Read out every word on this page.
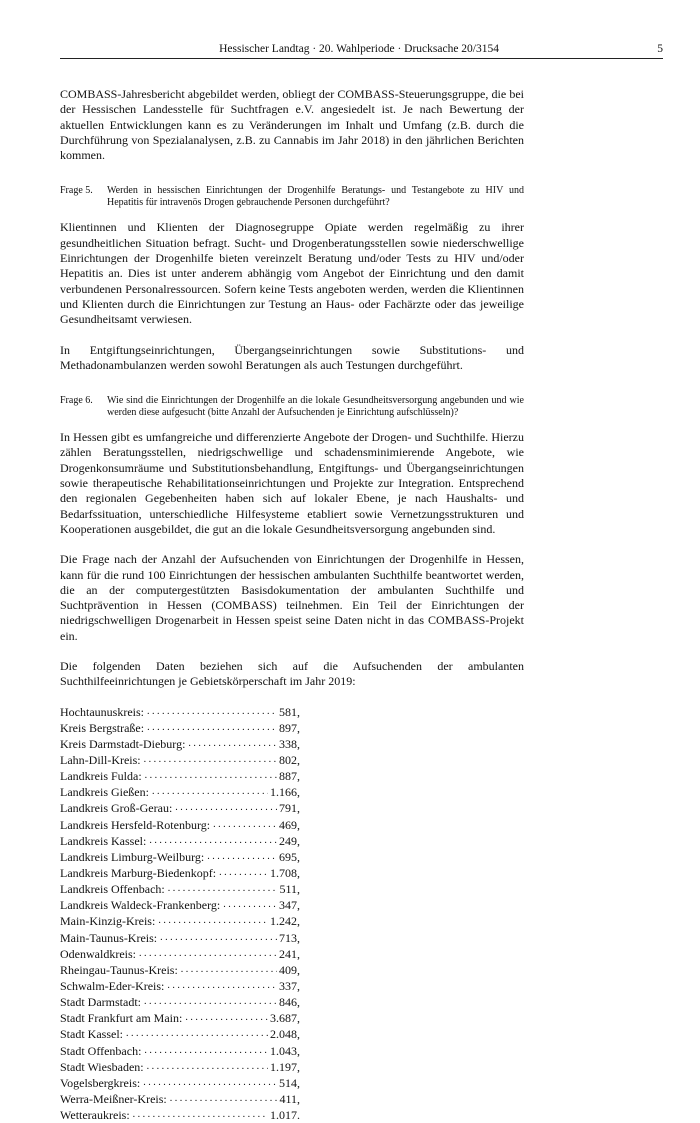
Hessischer Landtag · 20. Wahlperiode · Drucksache 20/3154	5

COMBASS-Jahresbericht abgebildet werden, obliegt der COMBASS-Steuerungsgruppe, die bei der Hessischen Landesstelle für Suchtfragen e.V. angesiedelt ist. Je nach Bewertung der aktuellen Entwicklungen kann es zu Veränderungen im Inhalt und Umfang (z.B. durch die Durchführung von Spezialanalysen, z.B. zu Cannabis im Jahr 2018) in den jährlichen Berichten kommen.

Frage 5.	Werden in hessischen Einrichtungen der Drogenhilfe Beratungs- und Testangebote zu HIV und Hepatitis für intravenös Drogen gebrauchende Personen durchgeführt?

Klientinnen und Klienten der Diagnosegruppe Opiate werden regelmäßig zu ihrer gesundheitlichen Situation befragt. Sucht- und Drogenberatungsstellen sowie niederschwellige Einrichtungen der Drogenhilfe bieten vereinzelt Beratung und/oder Tests zu HIV und/oder Hepatitis an. Dies ist unter anderem abhängig vom Angebot der Einrichtung und den damit verbundenen Personalressourcen. Sofern keine Tests angeboten werden, werden die Klientinnen und Klienten durch die Einrichtungen zur Testung an Haus- oder Fachärzte oder das jeweilige Gesundheitsamt verwiesen.

In Entgiftungseinrichtungen, Übergangseinrichtungen sowie Substitutions- und Methadonambulanzen werden sowohl Beratungen als auch Testungen durchgeführt.

Frage 6.	Wie sind die Einrichtungen der Drogenhilfe an die lokale Gesundheitsversorgung angebunden und wie werden diese aufgesucht (bitte Anzahl der Aufsuchenden je Einrichtung aufschlüsseln)?

In Hessen gibt es umfangreiche und differenzierte Angebote der Drogen- und Suchthilfe. Hierzu zählen Beratungsstellen, niedrigschwellige und schadensminimierende Angebote, wie Drogenkonsumräume und Substitutionsbehandlung, Entgiftungs- und Übergangseinrichtungen sowie therapeutische Rehabilitationseinrichtungen und Projekte zur Integration. Entsprechend den regionalen Gegebenheiten haben sich auf lokaler Ebene, je nach Haushalts- und Bedarfssituation, unterschiedliche Hilfesysteme etabliert sowie Vernetzungsstrukturen und Kooperationen ausgebildet, die gut an die lokale Gesundheitsversorgung angebunden sind.

Die Frage nach der Anzahl der Aufsuchenden von Einrichtungen der Drogenhilfe in Hessen, kann für die rund 100 Einrichtungen der hessischen ambulanten Suchthilfe beantwortet werden, die an der computergestützten Basisdokumentation der ambulanten Suchthilfe und Suchtprävention in Hessen (COMBASS) teilnehmen. Ein Teil der Einrichtungen der niedrigschwelligen Drogenarbeit in Hessen speist seine Daten nicht in das COMBASS-Projekt ein.

Die folgenden Daten beziehen sich auf die Aufsuchenden der ambulanten Suchthilfeeinrichtungen je Gebietskörperschaft im Jahr 2019:

Hochtaunuskreis: . . .	581,
Kreis Bergstraße: . . .	897,
Kreis Darmstadt-Dieburg: . . .	338,
Lahn-Dill-Kreis: . . .	802,
Landkreis Fulda: . . .	887,
Landkreis Gießen: . . .	1.166,
Landkreis Groß-Gerau: . . .	791,
Landkreis Hersfeld-Rotenburg: . . .	469,
Landkreis Kassel: . . .	249,
Landkreis Limburg-Weilburg: . . .	695,
Landkreis Marburg-Biedenkopf: . . .	1.708,
Landkreis Offenbach: . . .	511,
Landkreis Waldeck-Frankenberg: . . .	347,
Main-Kinzig-Kreis: . . .	1.242,
Main-Taunus-Kreis: . . .	713,
Odenwaldkreis: . . .	241,
Rheingau-Taunus-Kreis: . . .	409,
Schwalm-Eder-Kreis: . . .	337,
Stadt Darmstadt: . . .	846,
Stadt Frankfurt am Main: . . .	3.687,
Stadt Kassel: . . .	2.048,
Stadt Offenbach: . . .	1.043,
Stadt Wiesbaden: . . .	1.197,
Vogelsbergkreis: . . .	514,
Werra-Meißner-Kreis: . . .	411,
Wetteraukreis: . . .	1.017.
